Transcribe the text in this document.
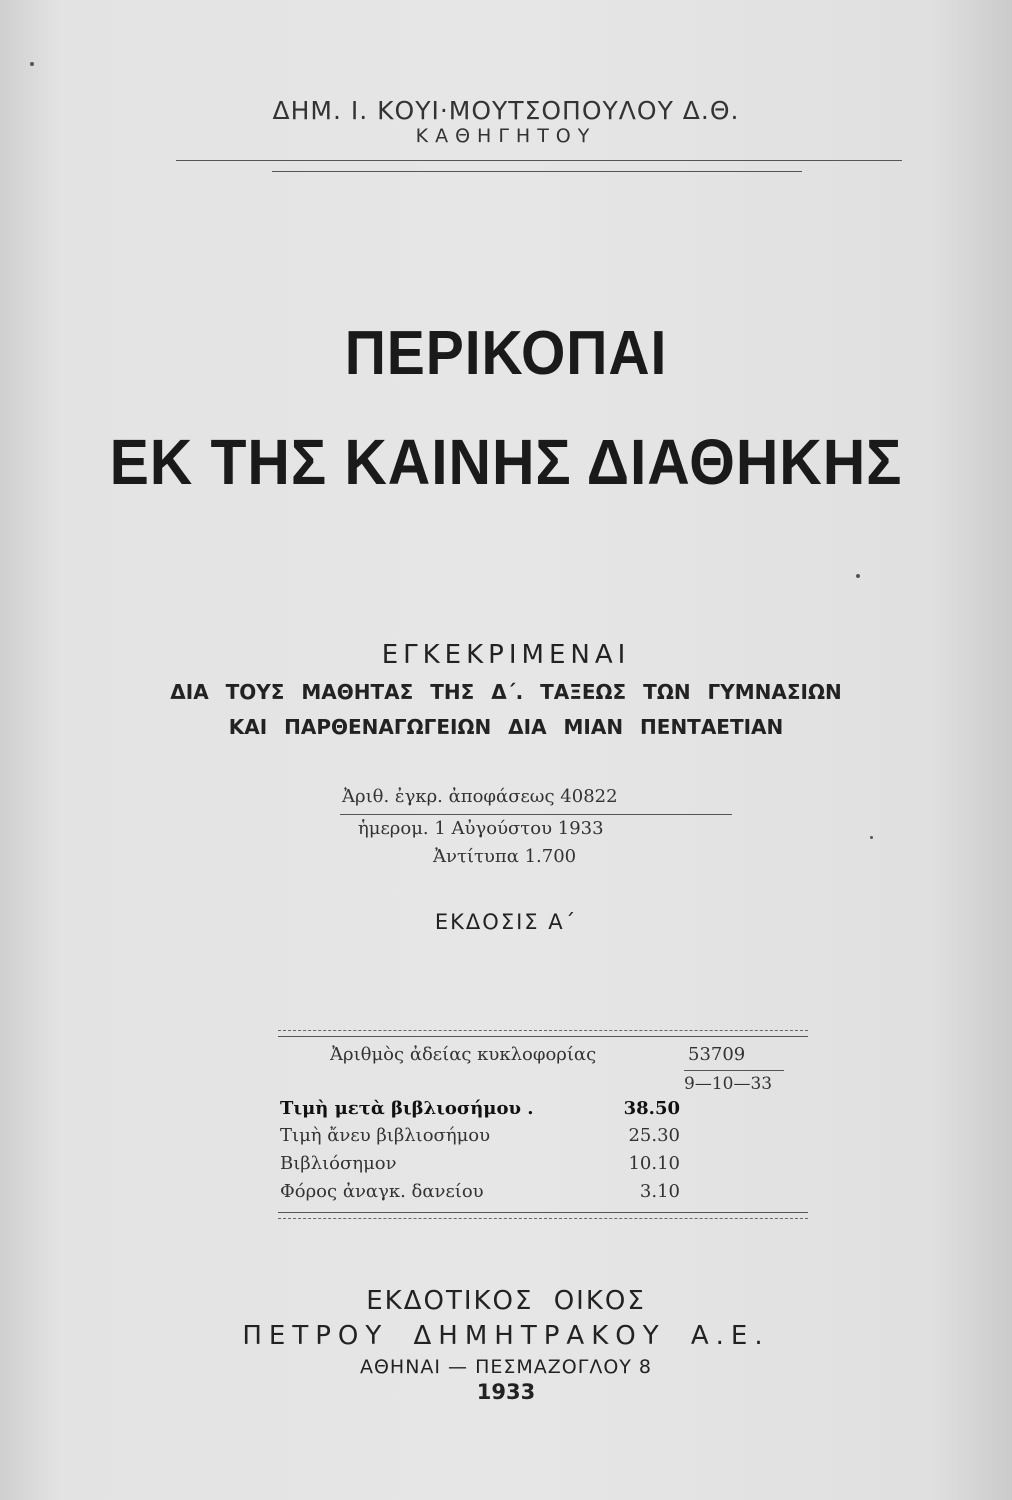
ΔΗΜ. Ι. ΚΟΥΙ·ΜΟΥΤΣΟΠΟΥΛΟΥ Δ.Θ.
ΚΑΘΗΓΗΤΟΥ
ΠΕΡΙΚΟΠΑΙ
ΕΚ ΤΗΣ ΚΑΙΝΗΣ ΔΙΑΘΗΚΗΣ
ΕΓΚΕΚΡΙΜΕΝΑΙ
ΔΙΑ ΤΟΥΣ ΜΑΘΗΤΑΣ ΤΗΣ Δ΄. ΤΑΞΕΩΣ ΤΩΝ ΓΥΜΝΑΣΙΩΝ
ΚΑΙ ΠΑΡΘΕΝΑΓΩΓΕΙΩΝ ΔΙΑ ΜΙΑΝ ΠΕΝΤΑΕΤΙΑΝ
Ἀριθ. ἐγκρ. ἀποφάσεως 40822
ἡμερομ. 1 Αὐγούστου 1933
Ἀντίτυπα 1.700
ΕΚΔΟΣΙΣ Α΄
Ἀριθμὸς ἀδείας κυκλοφορίας	53709
9—10—33
Τιμὴ μετὰ βιβλιοσήμου .	38.50
Τιμὴ ἄνευ βιβλιοσήμου	25.30
Βιβλιόσημον	10.10
Φόρος ἀναγκ. δανείου	3.10
ΕΚΔΟΤΙΚΟΣ ΟΙΚΟΣ
ΠΕΤΡΟΥ ΔΗΜΗΤΡΑΚΟΥ Α.Ε.
ΑΘΗΝΑΙ — ΠΕΣΜΑΖΟΓΛΟΥ 8
1933
